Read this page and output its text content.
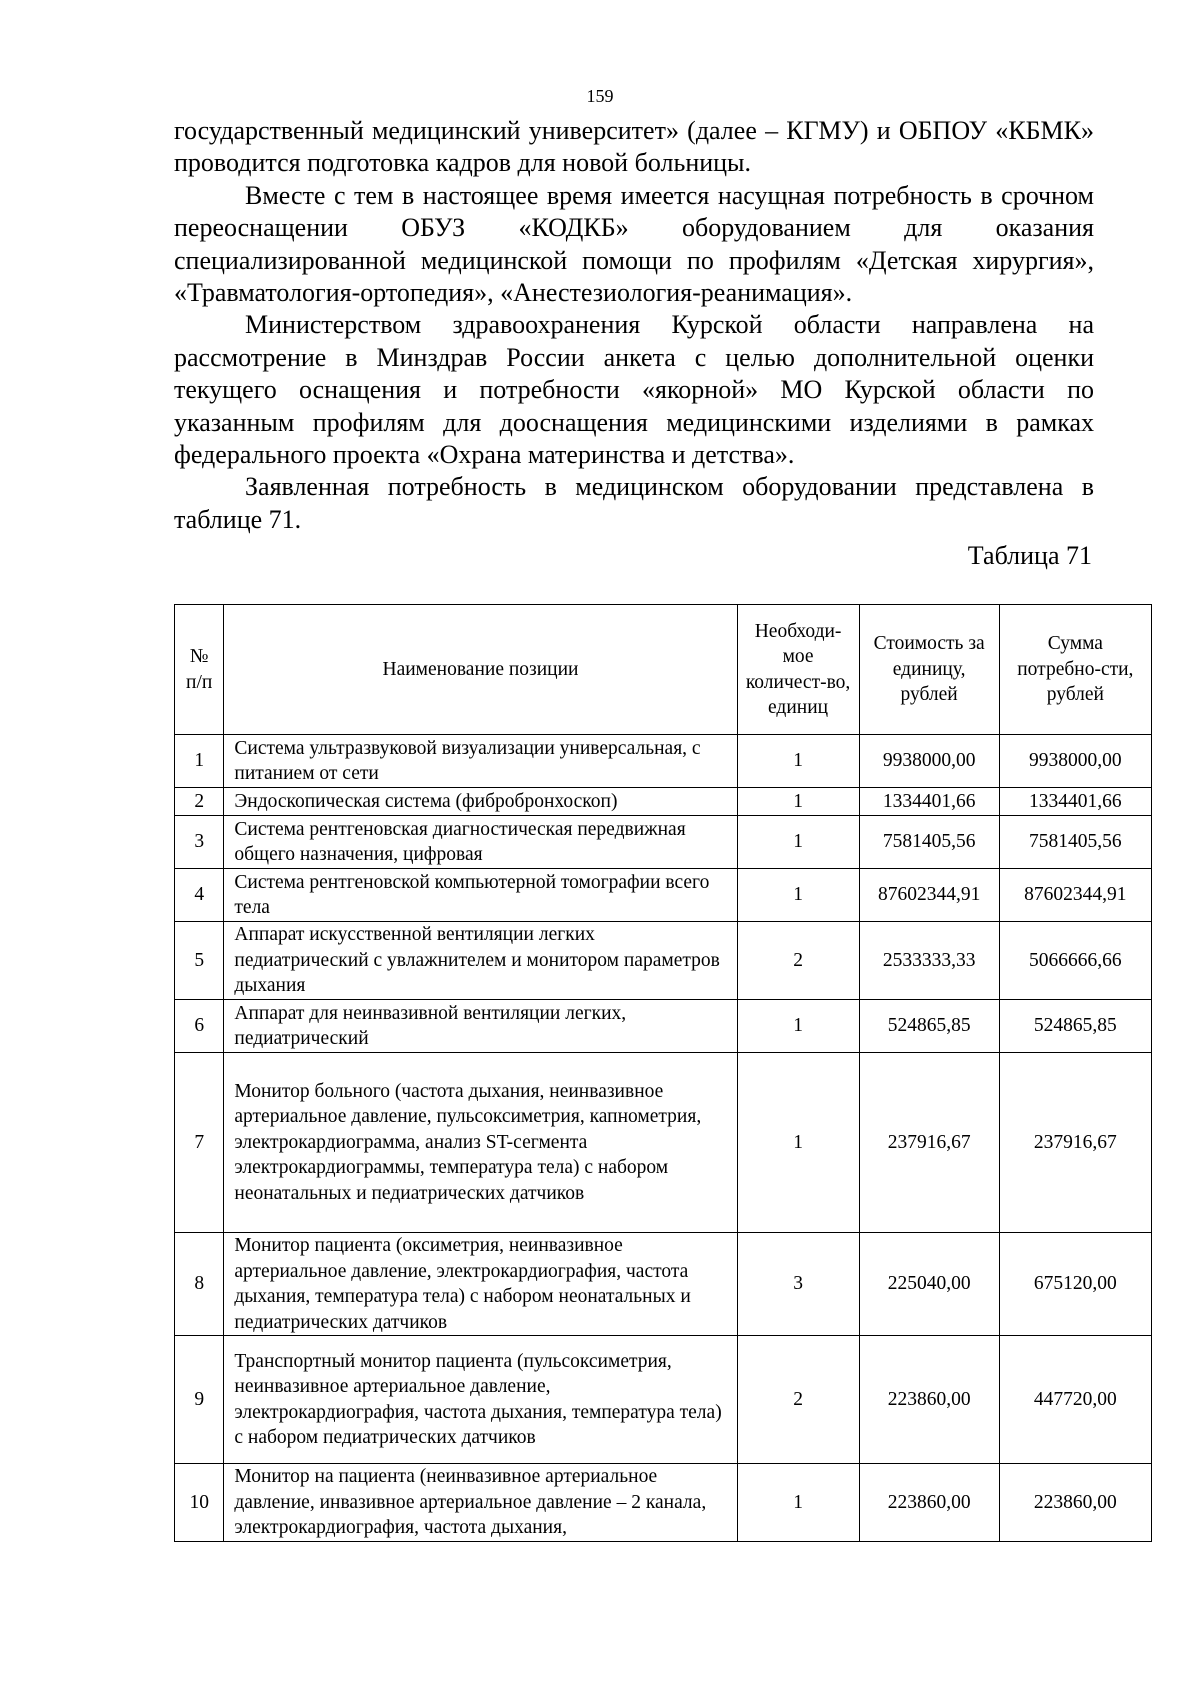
159

государственный медицинский университет» (далее – КГМУ) и ОБПОУ «КБМК» проводится подготовка кадров для новой больницы.

Вместе с тем в настоящее время имеется насущная потребность в срочном переоснащении ОБУЗ «КОДКБ» оборудованием для оказания специализированной медицинской помощи по профилям «Детская хирургия», «Травматология-ортопедия», «Анестезиология-реанимация».

Министерством здравоохранения Курской области направлена на рассмотрение в Минздрав России анкета с целью дополнительной оценки текущего оснащения и потребности «якорной» МО Курской области по указанным профилям для дооснащения медицинскими изделиями в рамках федерального проекта «Охрана материнства и детства».

Заявленная потребность в медицинском оборудовании представлена в таблице 71.

Таблица 71
№ п/п	Наименование позиции	Необходи-мое количест-во, единиц	Стоимость за единицу, рублей	Сумма потребно-сти, рублей
1	Система ультразвуковой визуализации универсальная, с питанием от сети	1	9938000,00	9938000,00
2	Эндоскопическая система (фибробронхоскоп)	1	1334401,66	1334401,66
3	Система рентгеновская диагностическая передвижная общего назначения, цифровая	1	7581405,56	7581405,56
4	Система рентгеновской компьютерной томографии всего тела	1	87602344,91	87602344,91
5	Аппарат искусственной вентиляции легких педиатрический с увлажнителем и монитором параметров дыхания	2	2533333,33	5066666,66
6	Аппарат для неинвазивной вентиляции легких, педиатрический	1	524865,85	524865,85
7	Монитор больного (частота дыхания, неинвазивное артериальное давление, пульсоксиметрия, капнометрия, электрокардиограмма, анализ ST-сегмента электрокардиограммы, температура тела) с набором неонатальных и педиатрических датчиков	1	237916,67	237916,67
8	Монитор пациента (оксиметрия, неинвазивное артериальное давление, электрокардиография, частота дыхания, температура тела) с набором неонатальных и педиатрических датчиков	3	225040,00	675120,00
9	Транспортный монитор пациента (пульсоксиметрия, неинвазивное артериальное давление, электрокардиография, частота дыхания, температура тела) с набором педиатрических датчиков	2	223860,00	447720,00
10	Монитор на пациента (неинвазивное артериальное давление, инвазивное артериальное давление – 2 канала, электрокардиография, частота дыхания,	1	223860,00	223860,00
